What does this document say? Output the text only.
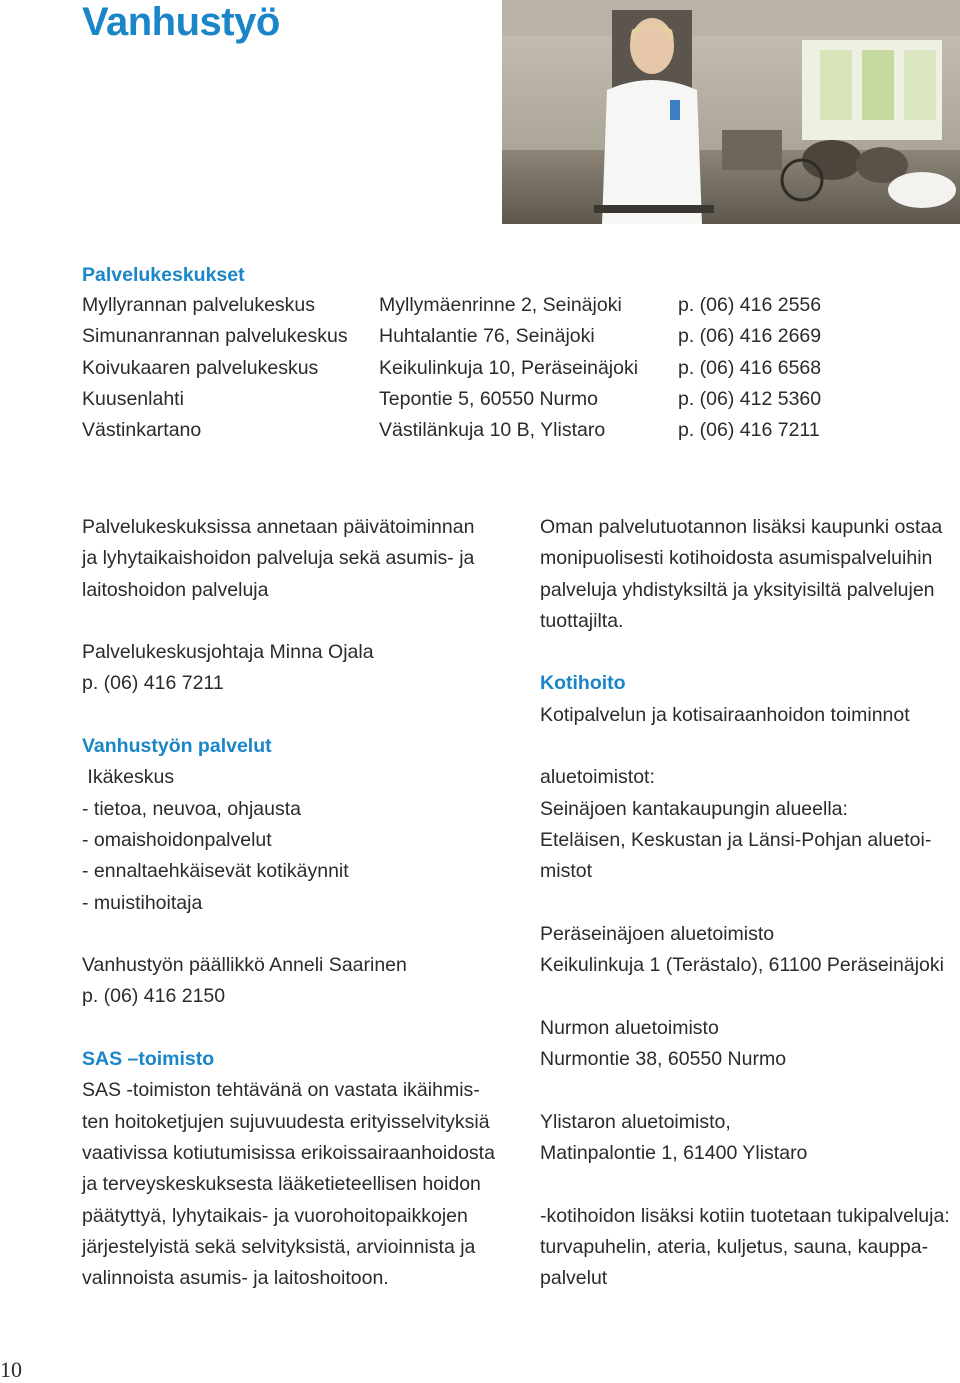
Vanhustyö
Palvelukeskukset
Myllyrannan palvelukeskus	Myllymäenrinne 2, Seinäjoki	p. (06) 416 2556
Simunanrannan palvelukeskus	Huhtalantie 76, Seinäjoki	p. (06) 416 2669
Koivukaaren palvelukeskus	Keikulinkuja 10, Peräseinäjoki	p. (06) 416 6568
Kuusenlahti	Tepontie 5, 60550 Nurmo	p. (06) 412 5360
Västinkartano	Västilänkuja 10 B, Ylistaro	p. (06) 416 7211
Palvelukeskuksissa annetaan päivätoiminnan
ja lyhytaikaishoidon palveluja sekä asumis- ja
laitoshoidon palveluja
Palvelukeskusjohtaja Minna Ojala
p. (06) 416 7211
Vanhustyön palvelut
Ikäkeskus
- tietoa, neuvoa, ohjausta
- omaishoidonpalvelut
- ennaltaehkäisevät kotikäynnit
- muistihoitaja
Vanhustyön päällikkö Anneli Saarinen
p. (06) 416 2150
SAS –toimisto
SAS -toimiston tehtävänä on vastata ikäihmis-
ten hoitoketjujen sujuvuudesta erityisselvityksiä
vaativissa kotiutumisissa erikoissairaanhoidosta
ja terveyskeskuksesta lääketieteellisen hoidon
päätyttyä, lyhytaikais- ja vuorohoitopaikkojen
järjestelyistä sekä selvityksistä, arvioinnista ja
valinnoista asumis- ja laitoshoitoon.
Oman palvelutuotannon lisäksi kaupunki ostaa
monipuolisesti kotihoidosta asumispalveluihin
palveluja yhdistyksiltä ja yksityisiltä palvelujen
tuottajilta.
Kotihoito
Kotipalvelun ja kotisairaanhoidon toiminnot
aluetoimistot:
Seinäjoen kantakaupungin alueella:
Eteläisen, Keskustan ja Länsi-Pohjan aluetoi-
mistot
Peräseinäjoen aluetoimisto
Keikulinkuja 1 (Terästalo), 61100 Peräseinäjoki
Nurmon aluetoimisto
Nurmontie 38, 60550 Nurmo
Ylistaron aluetoimisto,
Matinpalontie 1, 61400 Ylistaro
-kotihoidon lisäksi kotiin tuotetaan tukipalveluja:
turvapuhelin, ateria, kuljetus, sauna, kauppa-
palvelut
10
